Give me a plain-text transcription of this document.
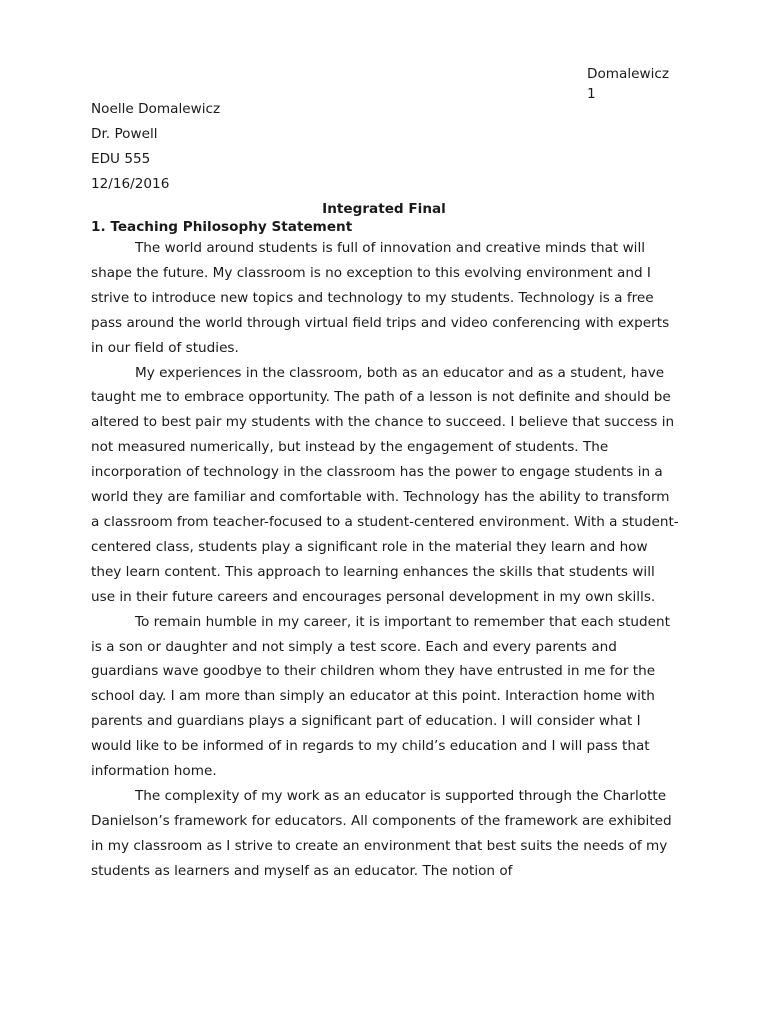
Domalewicz
1
Noelle Domalewicz
Dr. Powell
EDU 555
12/16/2016
Integrated Final
1. Teaching Philosophy Statement

The world around students is full of innovation and creative minds that will shape the future. My classroom is no exception to this evolving environment and I strive to introduce new topics and technology to my students. Technology is a free pass around the world through virtual field trips and video conferencing with experts in our field of studies.

My experiences in the classroom, both as an educator and as a student, have taught me to embrace opportunity. The path of a lesson is not definite and should be altered to best pair my students with the chance to succeed. I believe that success in not measured numerically, but instead by the engagement of students. The incorporation of technology in the classroom has the power to engage students in a world they are familiar and comfortable with. Technology has the ability to transform a classroom from teacher-focused to a student-centered environment. With a student-centered class, students play a significant role in the material they learn and how they learn content. This approach to learning enhances the skills that students will use in their future careers and encourages personal development in my own skills.

To remain humble in my career, it is important to remember that each student is a son or daughter and not simply a test score. Each and every parents and guardians wave goodbye to their children whom they have entrusted in me for the school day. I am more than simply an educator at this point. Interaction home with parents and guardians plays a significant part of education. I will consider what I would like to be informed of in regards to my child’s education and I will pass that information home.

The complexity of my work as an educator is supported through the Charlotte Danielson’s framework for educators. All components of the framework are exhibited in my classroom as I strive to create an environment that best suits the needs of my students as learners and myself as an educator. The notion of
